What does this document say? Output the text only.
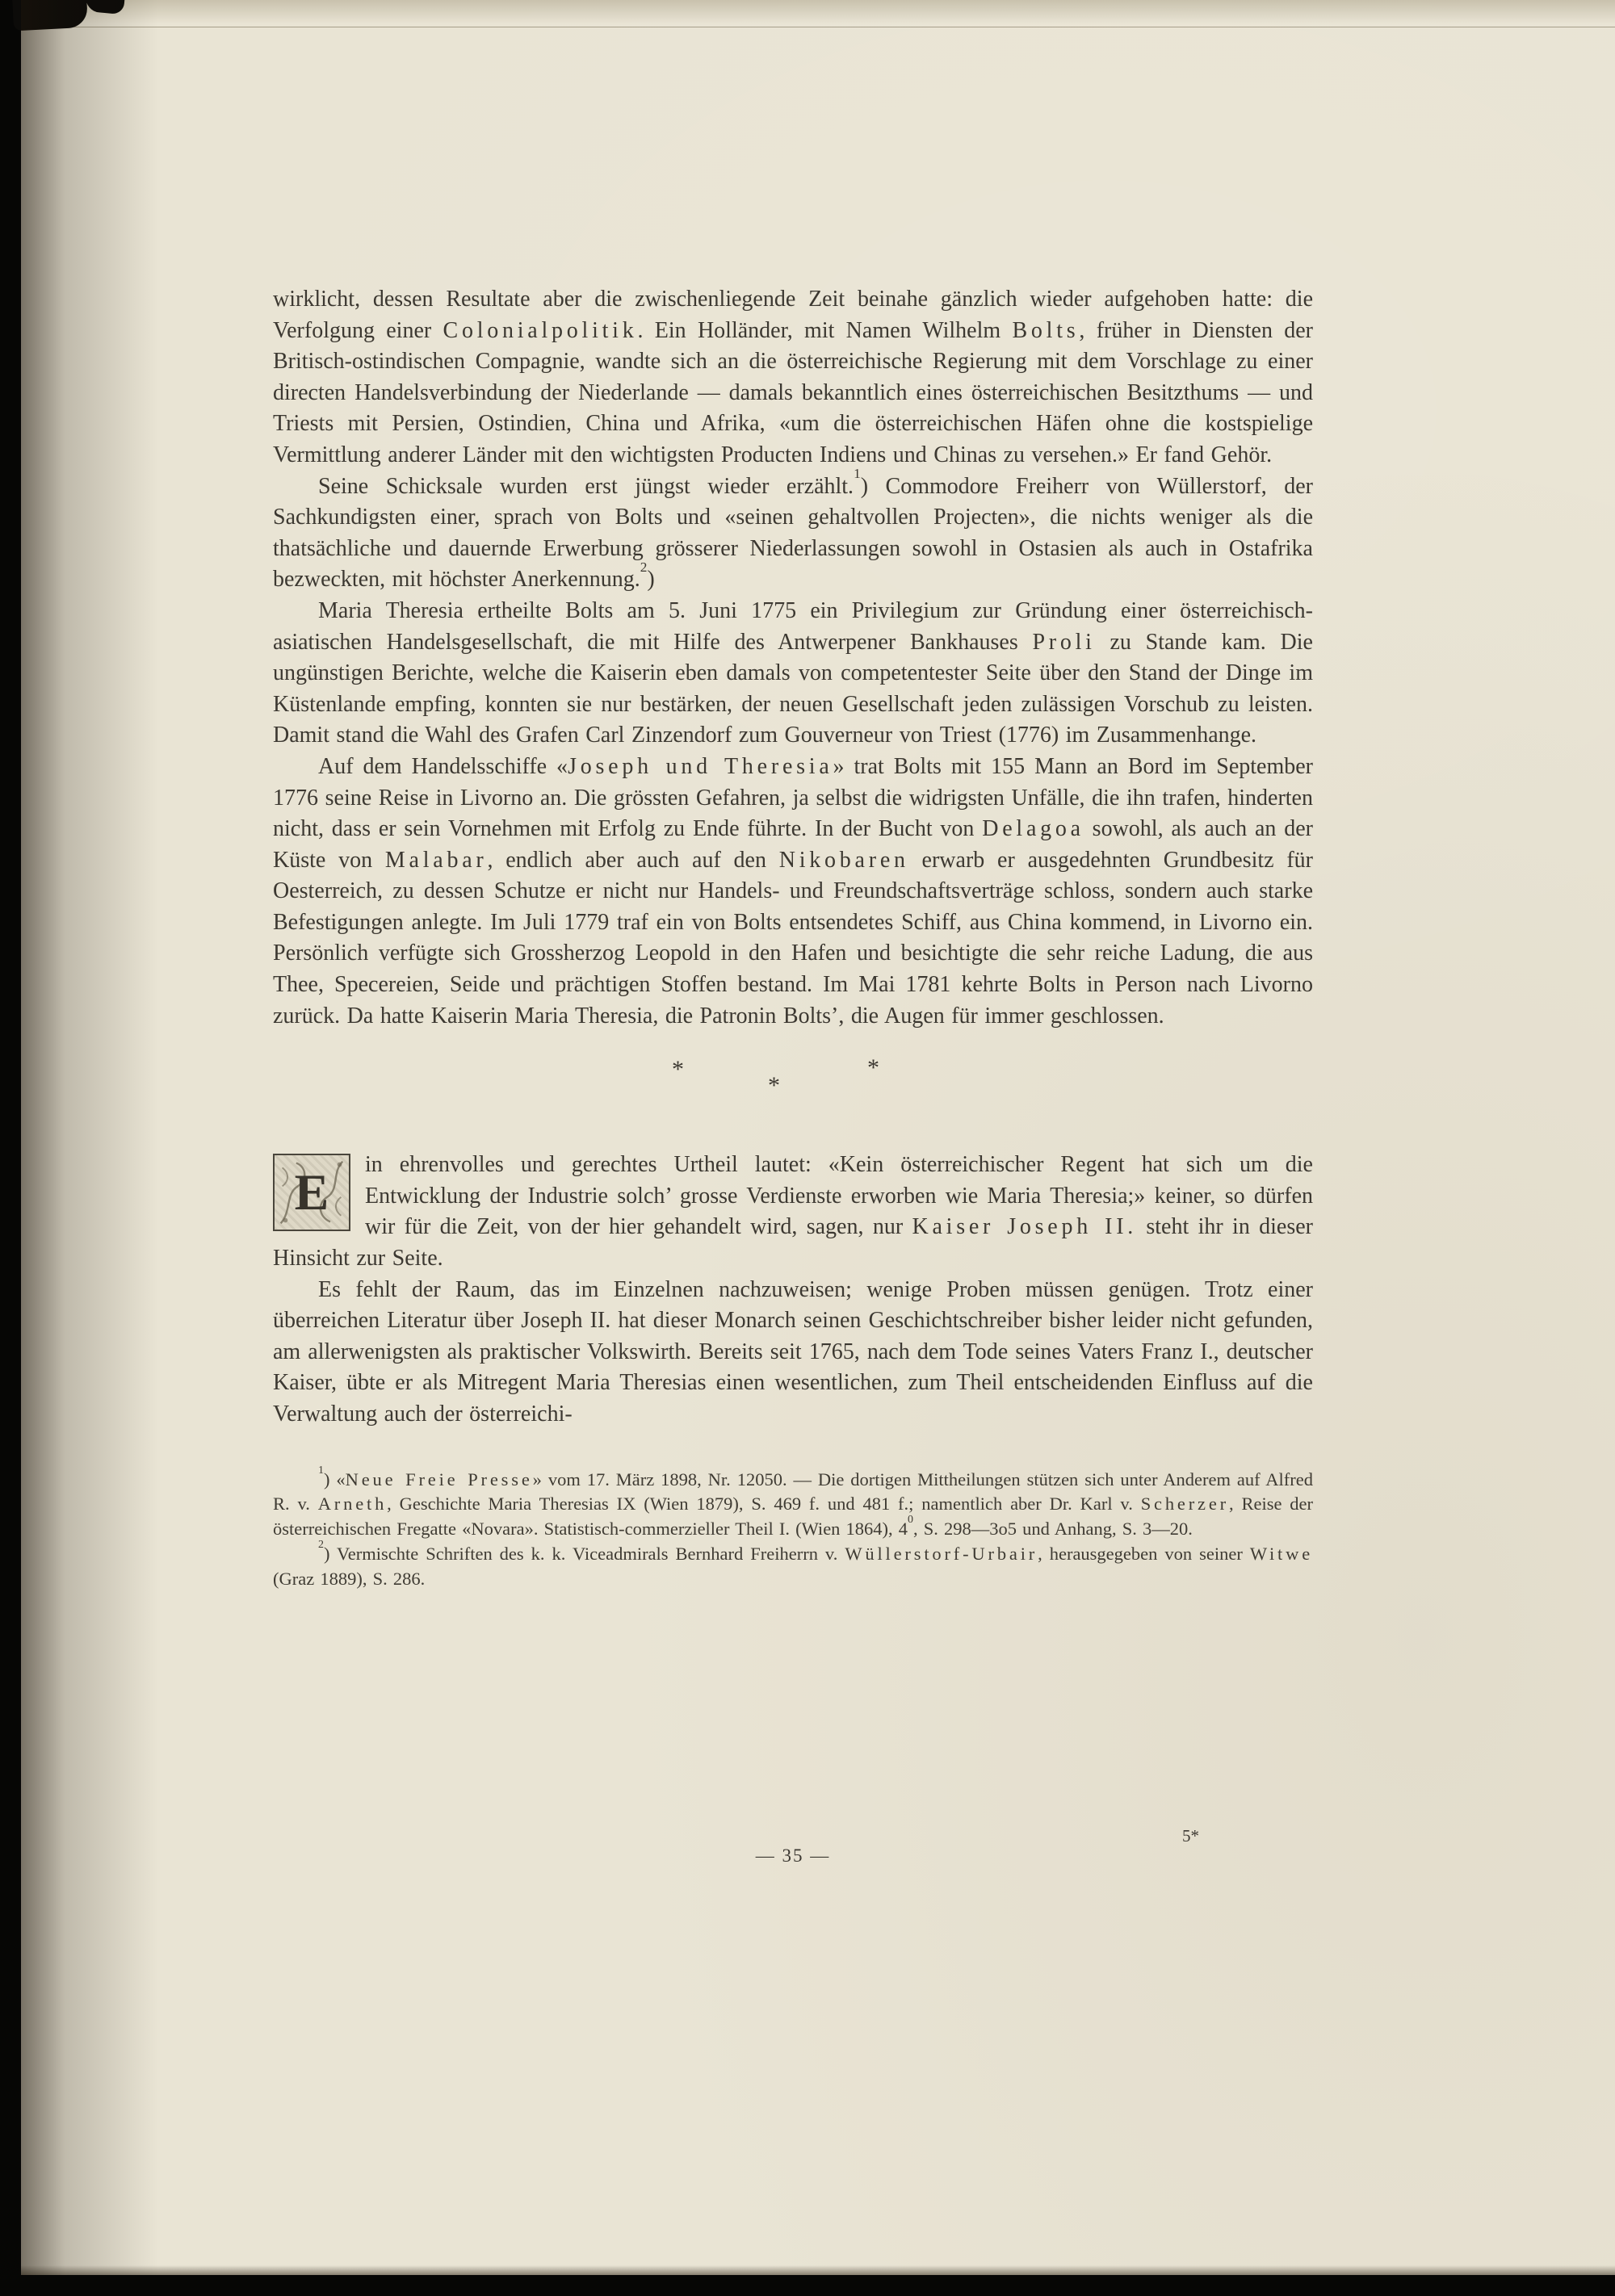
wirklicht, dessen Resultate aber die zwischenliegende Zeit beinahe gänzlich wieder aufgehoben hatte: die Verfolgung einer Colonialpolitik. Ein Holländer, mit Namen Wilhelm Bolts, früher in Diensten der Britisch-ostindischen Compagnie, wandte sich an die österreichische Regierung mit dem Vorschlage zu einer directen Handelsverbindung der Niederlande — damals bekanntlich eines österreichischen Besitzthums — und Triests mit Persien, Ostindien, China und Afrika, «um die österreichischen Häfen ohne die kostspielige Vermittlung anderer Länder mit den wichtigsten Producten Indiens und Chinas zu versehen.» Er fand Gehör.

Seine Schicksale wurden erst jüngst wieder erzählt.$^1$) Commodore Freiherr von Wüllerstorf, der Sachkundigsten einer, sprach von Bolts und «seinen gehaltvollen Projecten», die nichts weniger als die thatsächliche und dauernde Erwerbung grösserer Niederlassungen sowohl in Ostasien als auch in Ostafrika bezweckten, mit höchster Anerkennung.$^2$)

Maria Theresia ertheilte Bolts am 5. Juni 1775 ein Privilegium zur Gründung einer österreichisch-asiatischen Handelsgesellschaft, die mit Hilfe des Antwerpener Bankhauses Proli zu Stande kam. Die ungünstigen Berichte, welche die Kaiserin eben damals von competentester Seite über den Stand der Dinge im Küstenlande empfing, konnten sie nur bestärken, der neuen Gesellschaft jeden zulässigen Vorschub zu leisten. Damit stand die Wahl des Grafen Carl Zinzendorf zum Gouverneur von Triest (1776) im Zusammenhange.

Auf dem Handelsschiffe «Joseph und Theresia» trat Bolts mit 155 Mann an Bord im September 1776 seine Reise in Livorno an. Die grössten Gefahren, ja selbst die widrigsten Unfälle, die ihn trafen, hinderten nicht, dass er sein Vornehmen mit Erfolg zu Ende führte. In der Bucht von Delagoa sowohl, als auch an der Küste von Malabar, endlich aber auch auf den Nikobaren erwarb er ausgedehnten Grundbesitz für Oesterreich, zu dessen Schutze er nicht nur Handels- und Freundschaftsverträge schloss, sondern auch starke Befestigungen anlegte. Im Juli 1779 traf ein von Bolts entsendetes Schiff, aus China kommend, in Livorno ein. Persönlich verfügte sich Grossherzog Leopold in den Hafen und besichtigte die sehr reiche Ladung, die aus Thee, Specereien, Seide und prächtigen Stoffen bestand. Im Mai 1781 kehrte Bolts in Person nach Livorno zurück. Da hatte Kaiserin Maria Theresia, die Patronin Bolts’, die Augen für immer geschlossen.

*	*
*

E	in ehrenvolles und gerechtes Urtheil lautet: «Kein österreichischer Regent hat sich um die Entwicklung der Industrie solch’ grosse Verdienste erworben wie Maria Theresia;» keiner, so dürfen wir für die Zeit, von der hier gehandelt wird, sagen, nur Kaiser Joseph II. steht ihr in dieser Hinsicht zur Seite.

Es fehlt der Raum, das im Einzelnen nachzuweisen; wenige Proben müssen genügen. Trotz einer überreichen Literatur über Joseph II. hat dieser Monarch seinen Geschichtschreiber bisher leider nicht gefunden, am allerwenigsten als praktischer Volkswirth. Bereits seit 1765, nach dem Tode seines Vaters Franz I., deutscher Kaiser, übte er als Mitregent Maria Theresias einen wesentlichen, zum Theil entscheidenden Einfluss auf die Verwaltung auch der österreichi-

$^1$) «Neue Freie Presse» vom 17. März 1898, Nr. 12050. — Die dortigen Mittheilungen stützen sich unter Anderem auf Alfred R. v. Arneth, Geschichte Maria Theresias IX (Wien 1879), S. 469 f. und 481 f.; namentlich aber Dr. Karl v. Scherzer, Reise der österreichischen Fregatte «Novara». Statistisch-commerzieller Theil I. (Wien 1864), $4^0$, S. 298—3o5 und Anhang, S. 3—20.

$^2$) Vermischte Schriften des k. k. Viceadmirals Bernhard Freiherrn v. Wüllerstorf-Urbair, herausgegeben von seiner Witwe (Graz 1889), S. 286.

5*
— 35 —
